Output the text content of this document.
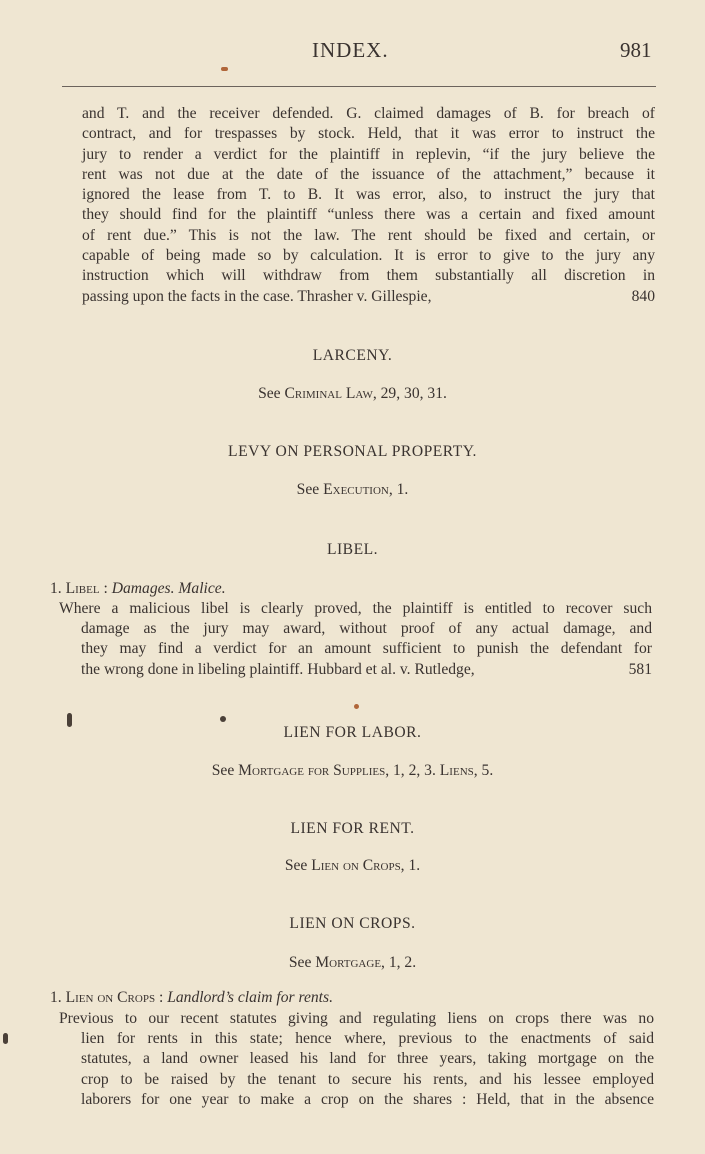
INDEX.	981
and T. and the receiver defended. G. claimed damages of B. for breach of
contract, and for trespasses by stock. Held, that it was error to instruct the
jury to render a verdict for the plaintiff in replevin, “if the jury believe the
rent was not due at the date of the issuance of the attachment,” because it
ignored the lease from T. to B. It was error, also, to instruct the jury that
they should find for the plaintiff “unless there was a certain and fixed amount
of rent due.” This is not the law. The rent should be fixed and certain, or
capable of being made so by calculation. It is error to give to the jury any
instruction which will withdraw from them substantially all discretion in
passing upon the facts in the case. Thrasher v. Gillespie,	840
LARCENY.
See Criminal Law, 29, 30, 31.
LEVY ON PERSONAL PROPERTY.
See Execution, 1.
LIBEL.
1. Libel : Damages. Malice.
Where a malicious libel is clearly proved, the plaintiff is entitled to recover such
damage as the jury may award, without proof of any actual damage, and
they may find a verdict for an amount sufficient to punish the defendant for
the wrong done in libeling plaintiff. Hubbard et al. v. Rutledge,	581
LIEN FOR LABOR.
See Mortgage for Supplies, 1, 2, 3. Liens, 5.
LIEN FOR RENT.
See Lien on Crops, 1.
LIEN ON CROPS.
See Mortgage, 1, 2.
1. Lien on Crops : Landlord’s claim for rents.
Previous to our recent statutes giving and regulating liens on crops there was no
lien for rents in this state; hence where, previous to the enactments of said
statutes, a land owner leased his land for three years, taking mortgage on the
crop to be raised by the tenant to secure his rents, and his lessee employed
laborers for one year to make a crop on the shares : Held, that in the absence
